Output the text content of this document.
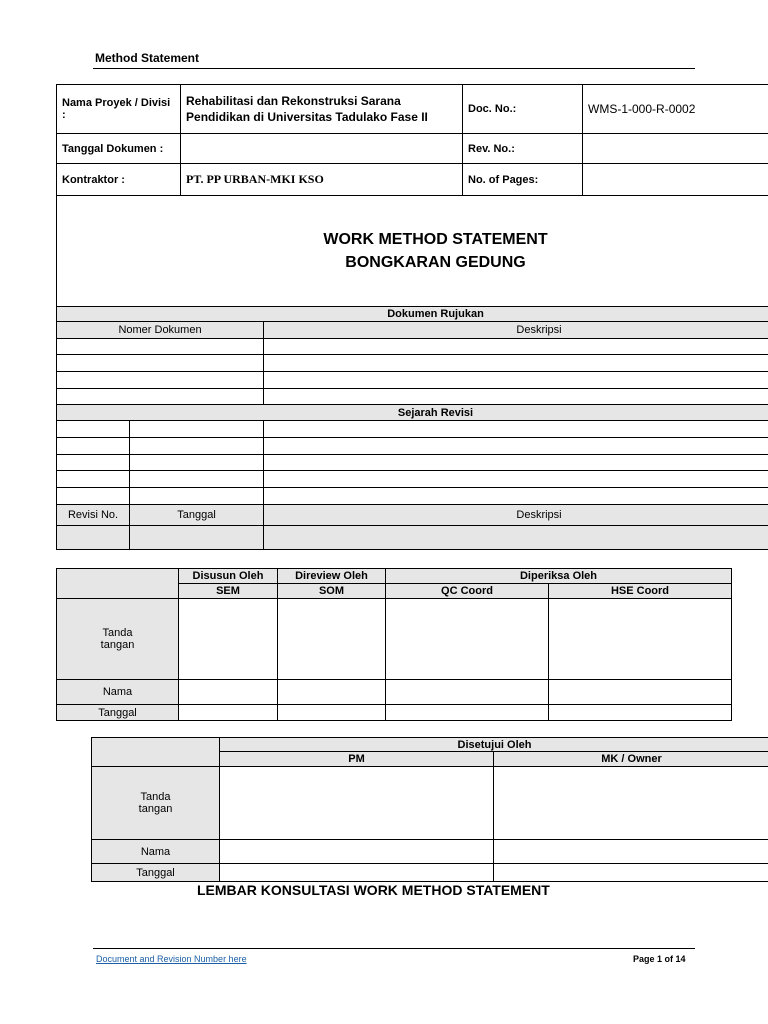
Method Statement
Nama Proyek / Divisi :		Rehabilitasi dan Rekonstruksi Sarana Pendidikan di Universitas Tadulako Fase II		Doc. No.:	WMS-1-000-R-0002
Tanggal Dokumen :				Rev. No.:	
Kontraktor :		PT. PP URBAN-MKI KSO		No. of Pages:	

WORK METHOD STATEMENT
BONGKARAN GEDUNG					

Dokumen Rujukan					
Nomer Dokumen			Deskripsi		

Sejarah Revisi					

Revisi No.	Tanggal		Deskripsi		

	Disusun Oleh	Direview Oleh	Diperiksa Oleh	
	SEM	SOM	QC Coord	HSE Coord
Tanda tangan				
Nama				
Tanggal				
	Disetujui Oleh	
	PM	MK / Owner
Tanda tangan		
Nama		
Tanggal		
LEMBAR KONSULTASI WORK METHOD STATEMENT
Document and Revision Number here	Page 1 of 14
